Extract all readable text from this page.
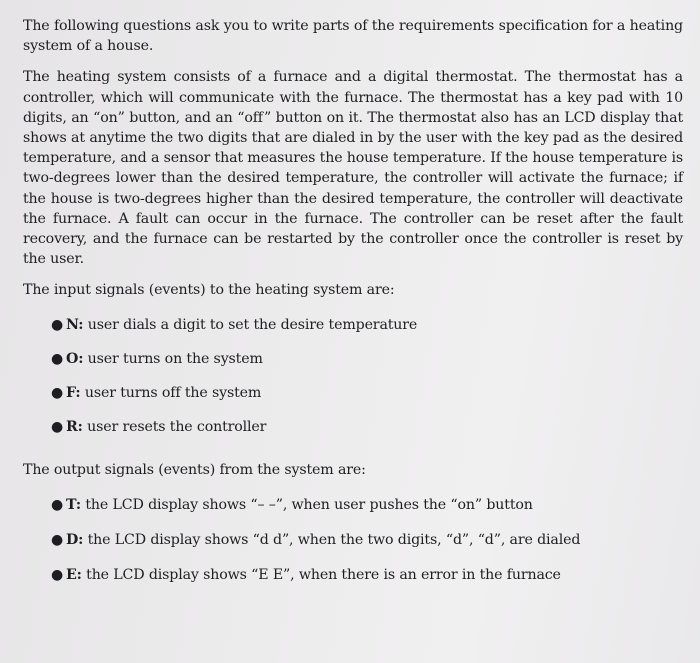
The following questions ask you to write parts of the requirements specification for a heating system of a house.

The heating system consists of a furnace and a digital thermostat. The thermostat has a controller, which will communicate with the furnace. The thermostat has a key pad with 10 digits, an “on” button, and an “off” button on it. The thermostat also has an LCD display that shows at anytime the two digits that are dialed in by the user with the key pad as the desired temperature, and a sensor that measures the house temperature. If the house temperature is two-degrees lower than the desired temperature, the controller will activate the furnace; if the house is two-degrees higher than the desired temperature, the controller will deactivate the furnace. A fault can occur in the furnace. The controller can be reset after the fault recovery, and the furnace can be restarted by the controller once the controller is reset by the user.

The input signals (events) to the heating system are:

● N: user dials a digit to set the desire temperature
● O: user turns on the system
● F: user turns off the system
● R: user resets the controller

The output signals (events) from the system are:

● T: the LCD display shows “– –”, when user pushes the “on” button
● D: the LCD display shows “d d”, when the two digits, “d”, “d”, are dialed
● E: the LCD display shows “E E”, when there is an error in the furnace
